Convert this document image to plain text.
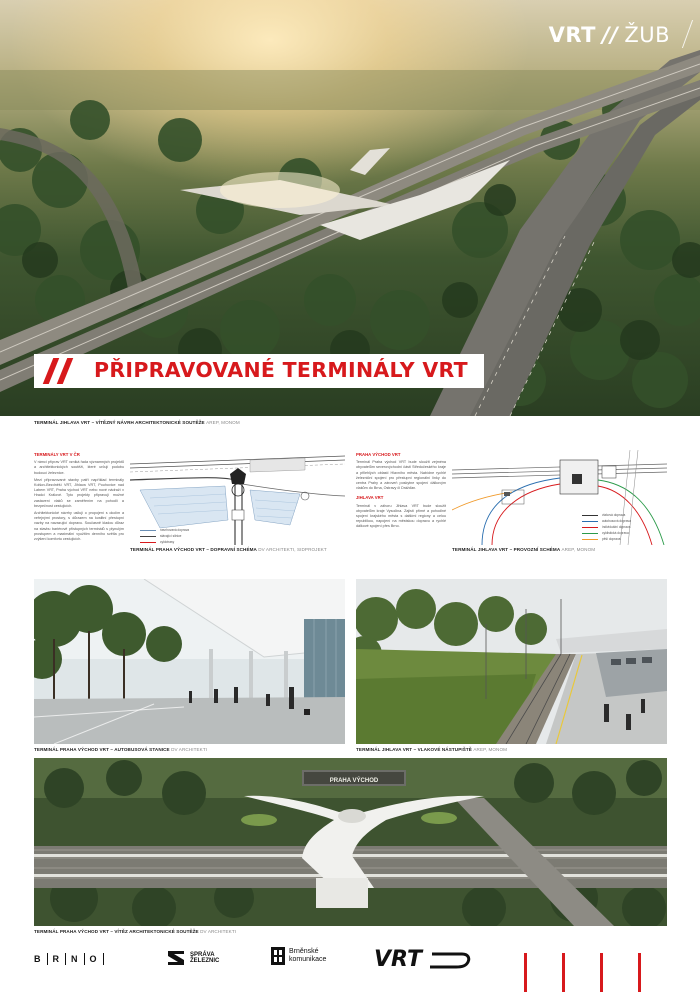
VRT // ŽUB
PŘIPRAVOVANÉ TERMINÁLY VRT
TERMINÁL JIHLAVA VRT – VÍTĚZNÝ NÁVRH ARCHITEKTONICKÉ SOUTĚŽE AREP, MONOM
TERMINÁLY VRT V ČR
V rámci příprav VRT vzniká řada významných projektů a architektonických soutěží, které určují podobu budoucí železnice.
Mezi připravované stavby patří například terminály Kolšov-Bezdněší VRT, Jihlava VRT, Pouhovice nad Labem VRT, Praha východ VRT nebo nové nádraží v Hradci Králové. Tyto projekty připravují možné zastavení vlaků se zaměřením na pohodlí a bezpečnost cestujících.
Architektonické návrhy usilují o propojení s okolím a veřejnými prostory, s důrazem na kvalitní přestupní vazby na navazující dopravu. Současně kladou důraz na stavbu bariérově přístupných terminálů s plynulým prostupem a maximální využitím denního světla pro zvýšení komfortu cestujících.
navrhovaná doprava
stávající silnice
cyklotrasy
TERMINÁL PRAHA VÝCHOD VRT – DOPRAVNÍ SCHÉMA DV ARCHITEKTI, SIDPROJEKT
PRAHA VÝCHOD VRT
Terminál Praha východ VRT bude sloužit zejména obyvatelům severovýchodní části Středočeského kraje a přilehlých oblastí Hlavního města. Nabídne rychlé železniční spojení pro přestupní regionální linky do centra Prahy a zároveň poskytne spojení dálkovým vlakům do Brna, Ostravy či Drážďan.
JIHLAVA VRT
Terminál v záhoru Jihlava VRT bude sloužit obyvatelům kraje Vysočina. Zajistí přímé a pohodlné spojení krajského města s dalšími regiony a celou republikou, napojení na městskou dopravu a rychlé dálkové spojení přes Brno.
vlaková doprava
autobusová doprava
individuální doprava
cyklistická doprava
pěší doprava
TERMINÁL JIHLAVA VRT – PROVOZNÍ SCHÉMA AREP, MONOM
TERMINÁL PRAHA VÝCHOD VRT – AUTOBUSOVÁ STANICE DV ARCHITEKTI	TERMINÁL JIHLAVA VRT – VLAKOVÉ NÁSTUPIŠTĚ AREP, MONOM
PRAHA VÝCHOD
TERMINÁL PRAHA VÝCHOD VRT – VÍTĚZ ARCHITEKTONICKÉ SOUTĚŽE DV ARCHITEKTI
B R N O	SPRÁVA
ŽELEZNIC
Brněnské
komunikace VRT
